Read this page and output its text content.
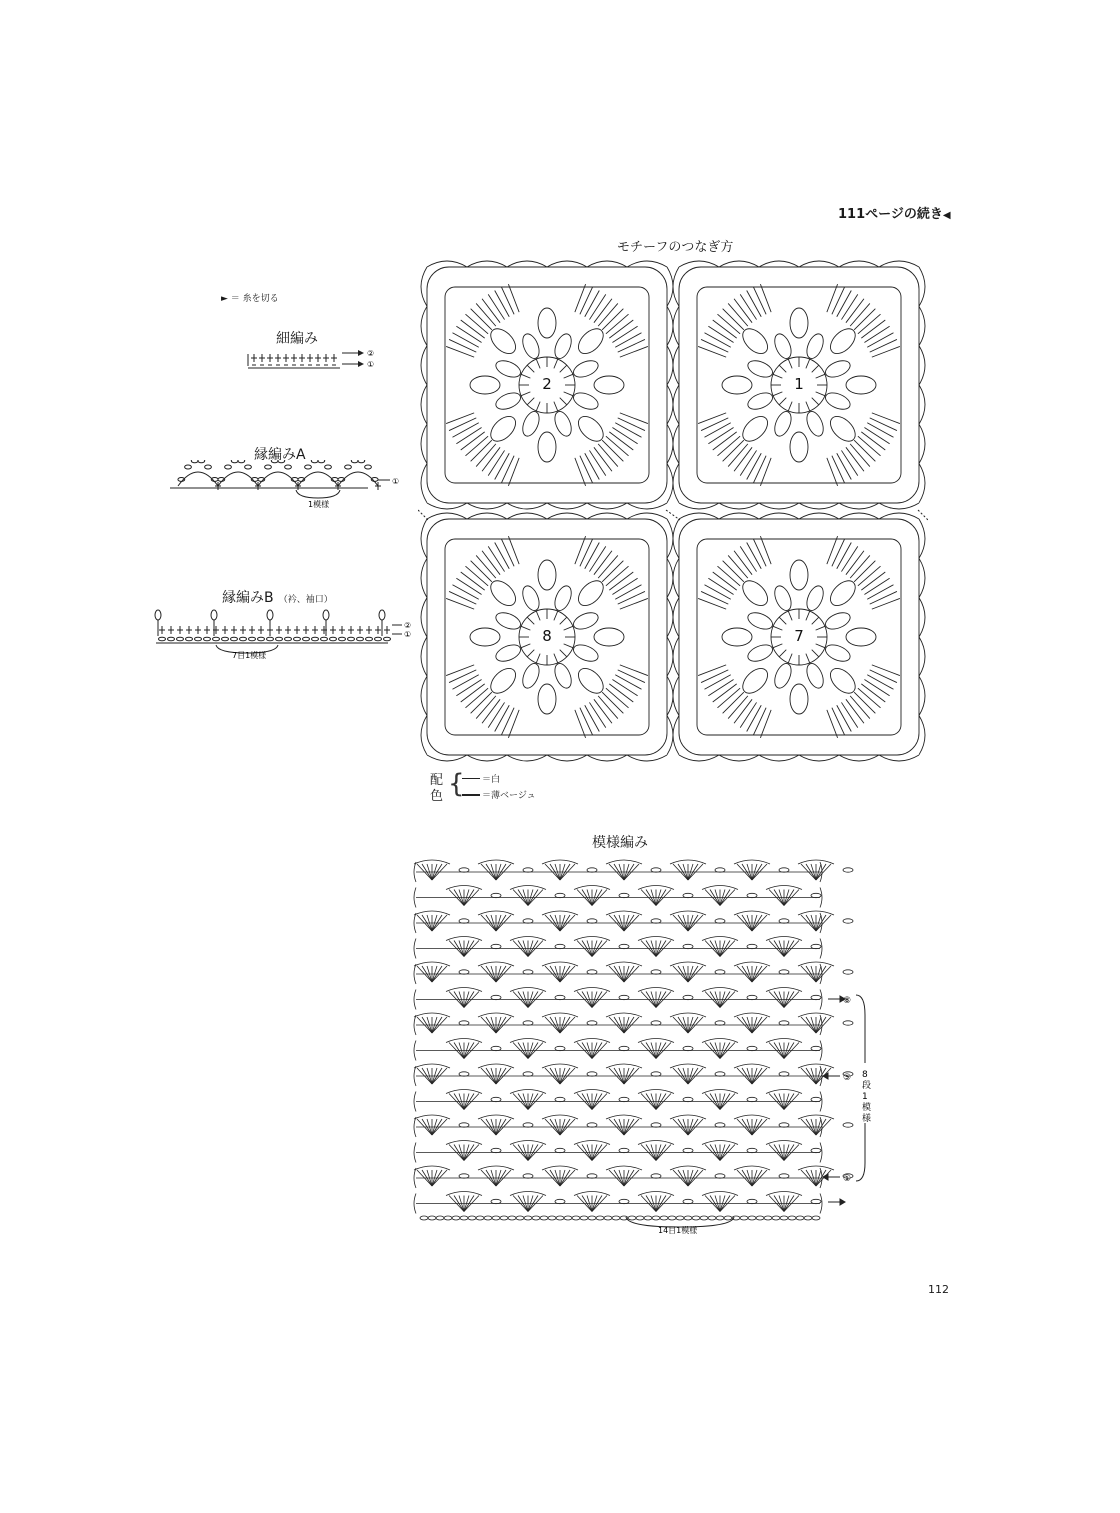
111ページの続き◀
► ＝ 糸を切る
細編み
②
①
縁編みA
①
1模様
縁編みB （衿、袖口）
②
①
7目1模様
モチーフのつなぎ方
2	1
8	7
配
色 { ＝白
＝薄ベージュ
模様編み
⑧
⑤
①
14目1模様
8
段
1
模
様
112
